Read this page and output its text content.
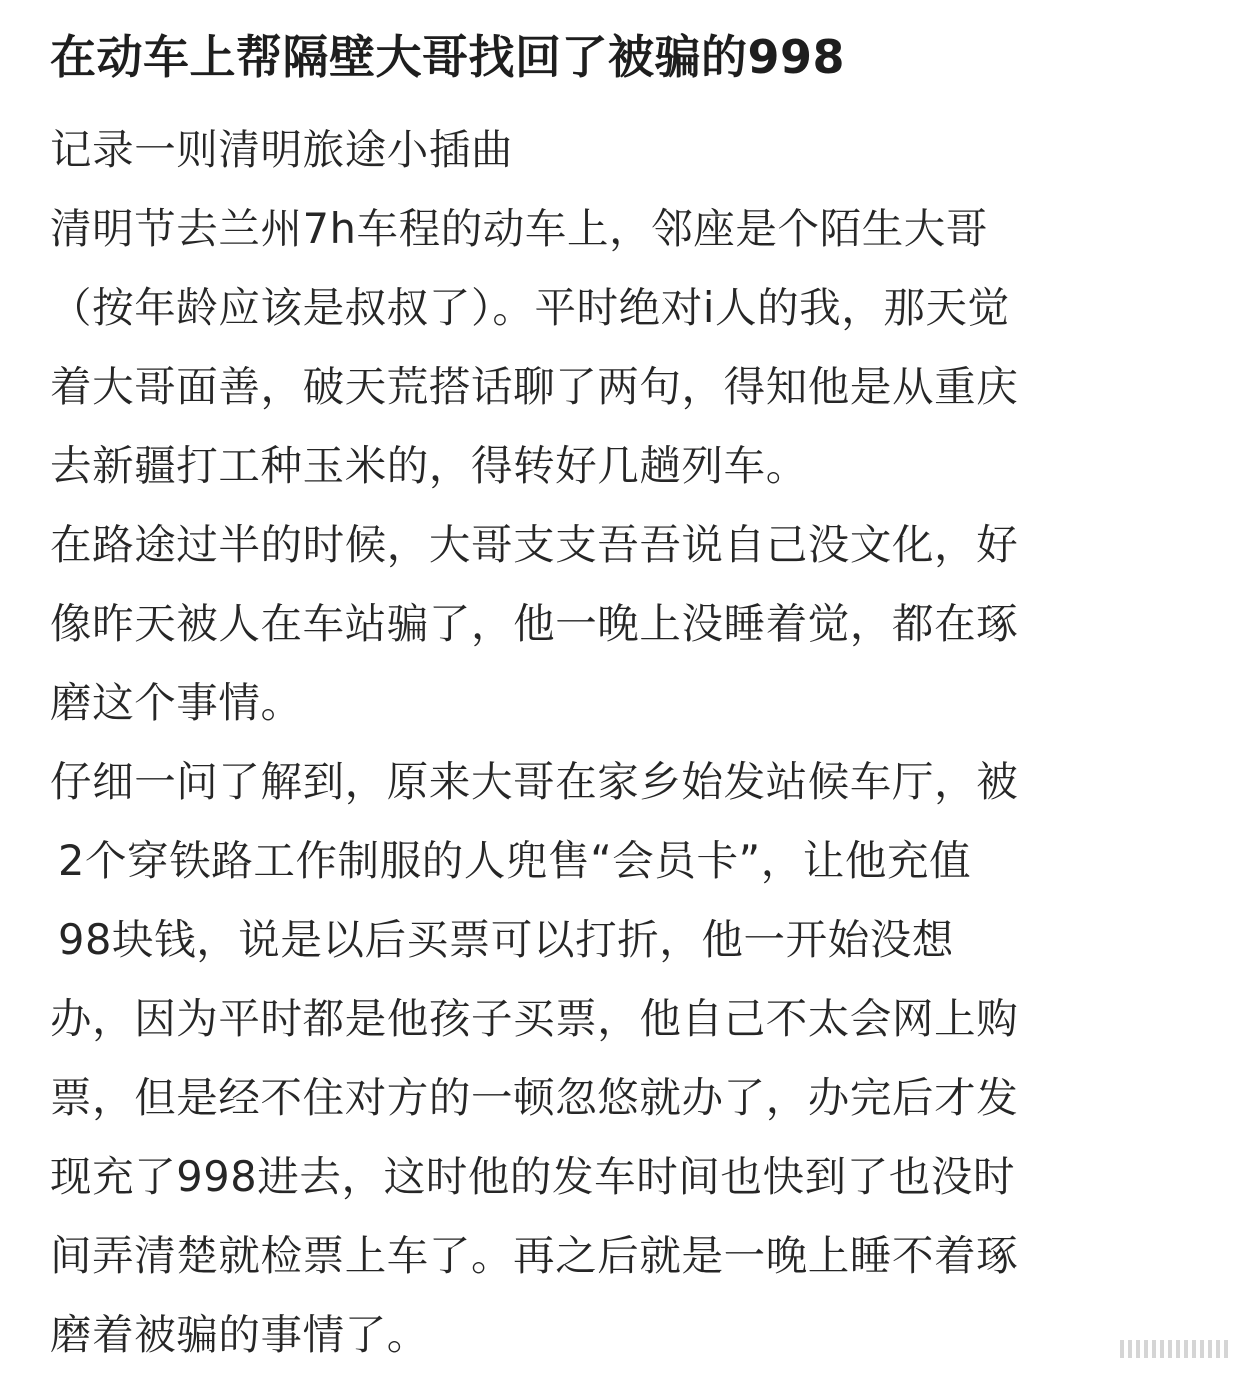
在动车上帮隔壁大哥找回了被骗的998
记录一则清明旅途小插曲
清明节去兰州7h车程的动车上，邻座是个陌生大哥
（按年龄应该是叔叔了）。平时绝对i人的我，那天觉
着大哥面善，破天荒搭话聊了两句，得知他是从重庆
去新疆打工种玉米的，得转好几趟列车。
在路途过半的时候，大哥支支吾吾说自己没文化，好
像昨天被人在车站骗了，他一晚上没睡着觉，都在琢
磨这个事情。
仔细一问了解到，原来大哥在家乡始发站候车厅，被
2个穿铁路工作制服的人兜售“会员卡”，让他充值
98块钱，说是以后买票可以打折，他一开始没想
办，因为平时都是他孩子买票，他自己不太会网上购
票，但是经不住对方的一顿忽悠就办了，办完后才发
现充了998进去，这时他的发车时间也快到了也没时
间弄清楚就检票上车了。再之后就是一晚上睡不着琢
磨着被骗的事情了。
